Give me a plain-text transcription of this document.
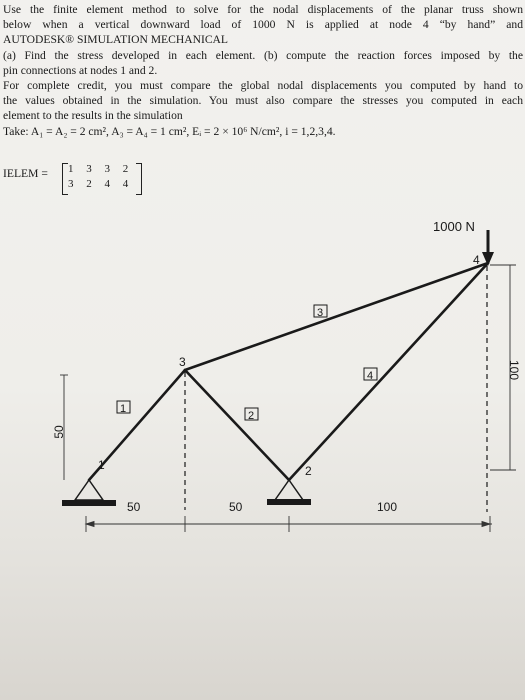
Use the finite element method to solve for the nodal displacements of the planar truss shown

below when a vertical downward load of 1000 N is applied at node 4 “by hand” and

AUTODESK® SIMULATION MECHANICAL

(a) Find the stress developed in each element. (b) compute the reaction forces imposed by the

pin connections at nodes 1 and 2.

For complete credit, you must compare the global nodal displacements you computed by hand to

the values obtained in the simulation. You must also compare the stresses you computed in each

element to the results in the simulation

Take: A₁ = A₂ = 2 cm², A₃ = A₄ = 1 cm², Eᵢ = 2 × 10⁶ N/cm², i = 1,2,3,4.

IELEM = 1 3 3 2
3 2 4 4
1
2
3
4
1	2
3
4
1000 N
50	50	100
50
100
